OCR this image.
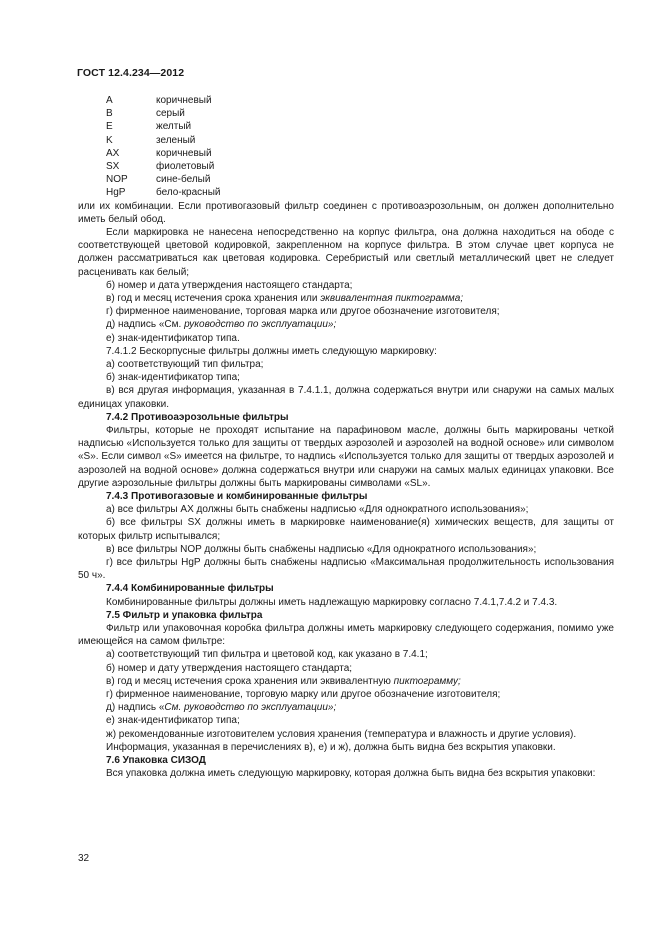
ГОСТ 12.4.234—2012
A	коричневый
B	серый
E	желтый
K	зеленый
AX	коричневый
SX	фиолетовый
NOP	сине-белый
HgP	бело-красный

или их комбинации. Если противогазовый фильтр соединен с противоаэрозольным, он должен дополнительно иметь белый обод.

Если маркировка не нанесена непосредственно на корпус фильтра, она должна находиться на ободе с соответствующей цветовой кодировкой, закрепленном на корпусе фильтра. В этом случае цвет корпуса не должен рассматриваться как цветовая кодировка. Серебристый или светлый металлический цвет не следует расценивать как белый;

б) номер и дата утверждения настоящего стандарта;

в) год и месяц истечения срока хранения или эквивалентная пиктограмма;

г) фирменное наименование, торговая марка или другое обозначение изготовителя;

д) надпись «См. руководство по эксплуатации»;

е) знак-идентификатор типа.

7.4.1.2 Бескорпусные фильтры должны иметь следующую маркировку:

а) соответствующий тип фильтра;

б) знак-идентификатор типа;

в) вся другая информация, указанная в 7.4.1.1, должна содержаться внутри или снаружи на самых малых единицах упаковки.

7.4.2 Противоаэрозольные фильтры

Фильтры, которые не проходят испытание на парафиновом масле, должны быть маркированы четкой надписью «Используется только для защиты от твердых аэрозолей и аэрозолей на водной основе» или символом «S». Если символ «S» имеется на фильтре, то надпись «Используется только для защиты от твердых аэрозолей и аэрозолей на водной основе» должна содержаться внутри или снаружи на самых малых единицах упаковки. Все другие аэрозольные фильтры должны быть маркированы символами «SL».

7.4.3 Противогазовые и комбинированные фильтры

а) все фильтры АХ должны быть снабжены надписью «Для однократного использования»;

б) все фильтры SX должны иметь в маркировке наименование(я) химических веществ, для защиты от которых фильтр испытывался;

в) все фильтры NOP должны быть снабжены надписью «Для однократного использования»;

г) все фильтры HgP должны быть снабжены надписью «Максимальная продолжительность использования 50 ч».

7.4.4 Комбинированные фильтры

Комбинированные фильтры должны иметь надлежащую маркировку согласно 7.4.1,7.4.2 и 7.4.3.

7.5 Фильтр и упаковка фильтра

Фильтр или упаковочная коробка фильтра должны иметь маркировку следующего содержания, помимо уже имеющейся на самом фильтре:

а) соответствующий тип фильтра и цветовой код, как указано в 7.4.1;

б) номер и дату утверждения настоящего стандарта;

в) год и месяц истечения срока хранения или эквивалентную пиктограмму;

г) фирменное наименование, торговую марку или другое обозначение изготовителя;

д) надпись «См. руководство по эксплуатации»;

е) знак-идентификатор типа;

ж) рекомендованные изготовителем условия хранения (температура и влажность и другие условия).

Информация, указанная в перечислениях в), е) и ж), должна быть видна без вскрытия упаковки.

7.6 Упаковка СИЗОД

Вся упаковка должна иметь следующую маркировку, которая должна быть видна без вскрытия упаковки:

32
